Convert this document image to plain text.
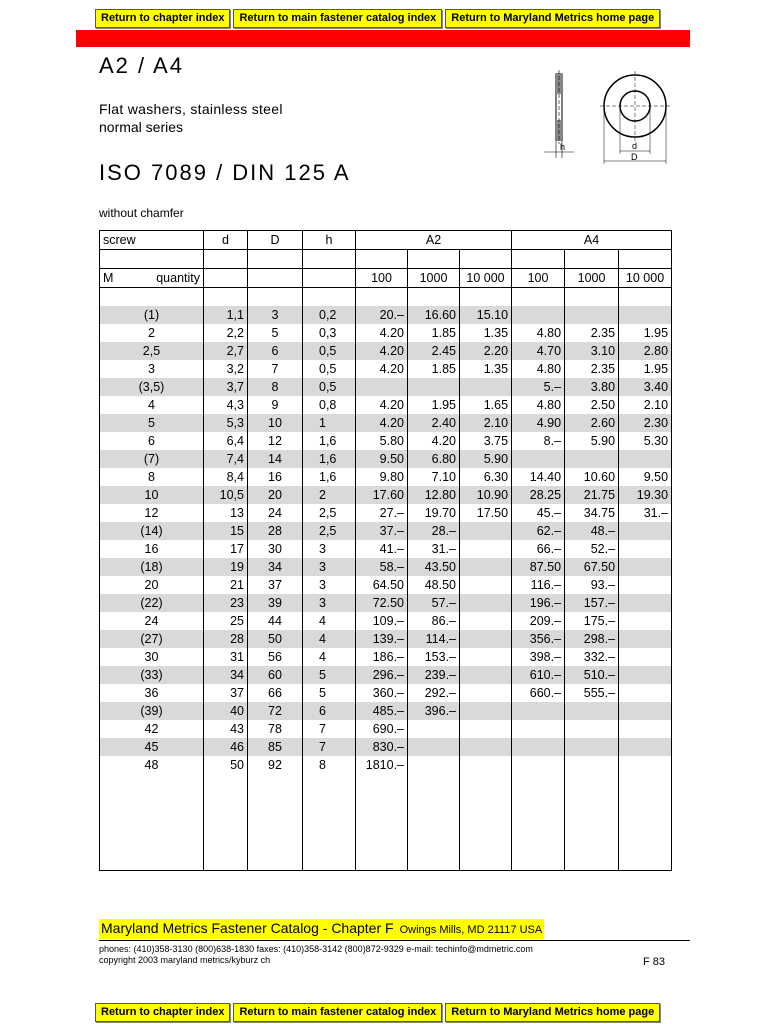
Return to chapter index	Return to main fastener catalog index	Return to Maryland Metrics home page
A2 / A4
Flat washers, stainless steel
normal series
ISO 7089 / DIN 125 A
without chamfer
h	d
D
screw	d	D	h	A2			A4		

M quantity				100	1000	10 000	100	1000	10 000

(1)	1,1	3	0,2	20.–	16.60	15.10			
2	2,2	5	0,3	4.20	1.85	1.35	4.80	2.35	1.95
2,5	2,7	6	0,5	4.20	2.45	2.20	4.70	3.10	2.80
3	3,2	7	0,5	4.20	1.85	1.35	4.80	2.35	1.95
(3,5)	3,7	8	0,5				5.–	3.80	3.40
4	4,3	9	0,8	4.20	1.95	1.65	4.80	2.50	2.10
5	5,3	10	1	4.20	2.40	2.10	4.90	2.60	2.30
6	6,4	12	1,6	5.80	4.20	3.75	8.–	5.90	5.30
(7)	7,4	14	1,6	9.50	6.80	5.90			
8	8,4	16	1,6	9.80	7.10	6.30	14.40	10.60	9.50
10	10,5	20	2	17.60	12.80	10.90	28.25	21.75	19.30
12	13	24	2,5	27.–	19.70	17.50	45.–	34.75	31.–
(14)	15	28	2,5	37.–	28.–		62.–	48.–	
16	17	30	3	41.–	31.–		66.–	52.–	
(18)	19	34	3	58.–	43.50		87.50	67.50	
20	21	37	3	64.50	48.50		116.–	93.–	
(22)	23	39	3	72.50	57.–		196.–	157.–	
24	25	44	4	109.–	86.–		209.–	175.–	
(27)	28	50	4	139.–	114.–		356.–	298.–	
30	31	56	4	186.–	153.–		398.–	332.–	
(33)	34	60	5	296.–	239.–		610.–	510.–	
36	37	66	5	360.–	292.–		660.–	555.–	
(39)	40	72	6	485.–	396.–				
42	43	78	7	690.–					
45	46	85	7	830.–					
48	50	92	8	1810.–					

Maryland Metrics Fastener Catalog - Chapter F Owings Mills, MD 21117 USA
phones: (410)358-3130 (800)638-1830 faxes: (410)358-3142 (800)872-9329 e-mail: techinfo@mdmetric.com
copyright 2003 maryland metrics/kyburz ch	F 83
Return to chapter index	Return to main fastener catalog index	Return to Maryland Metrics home page
